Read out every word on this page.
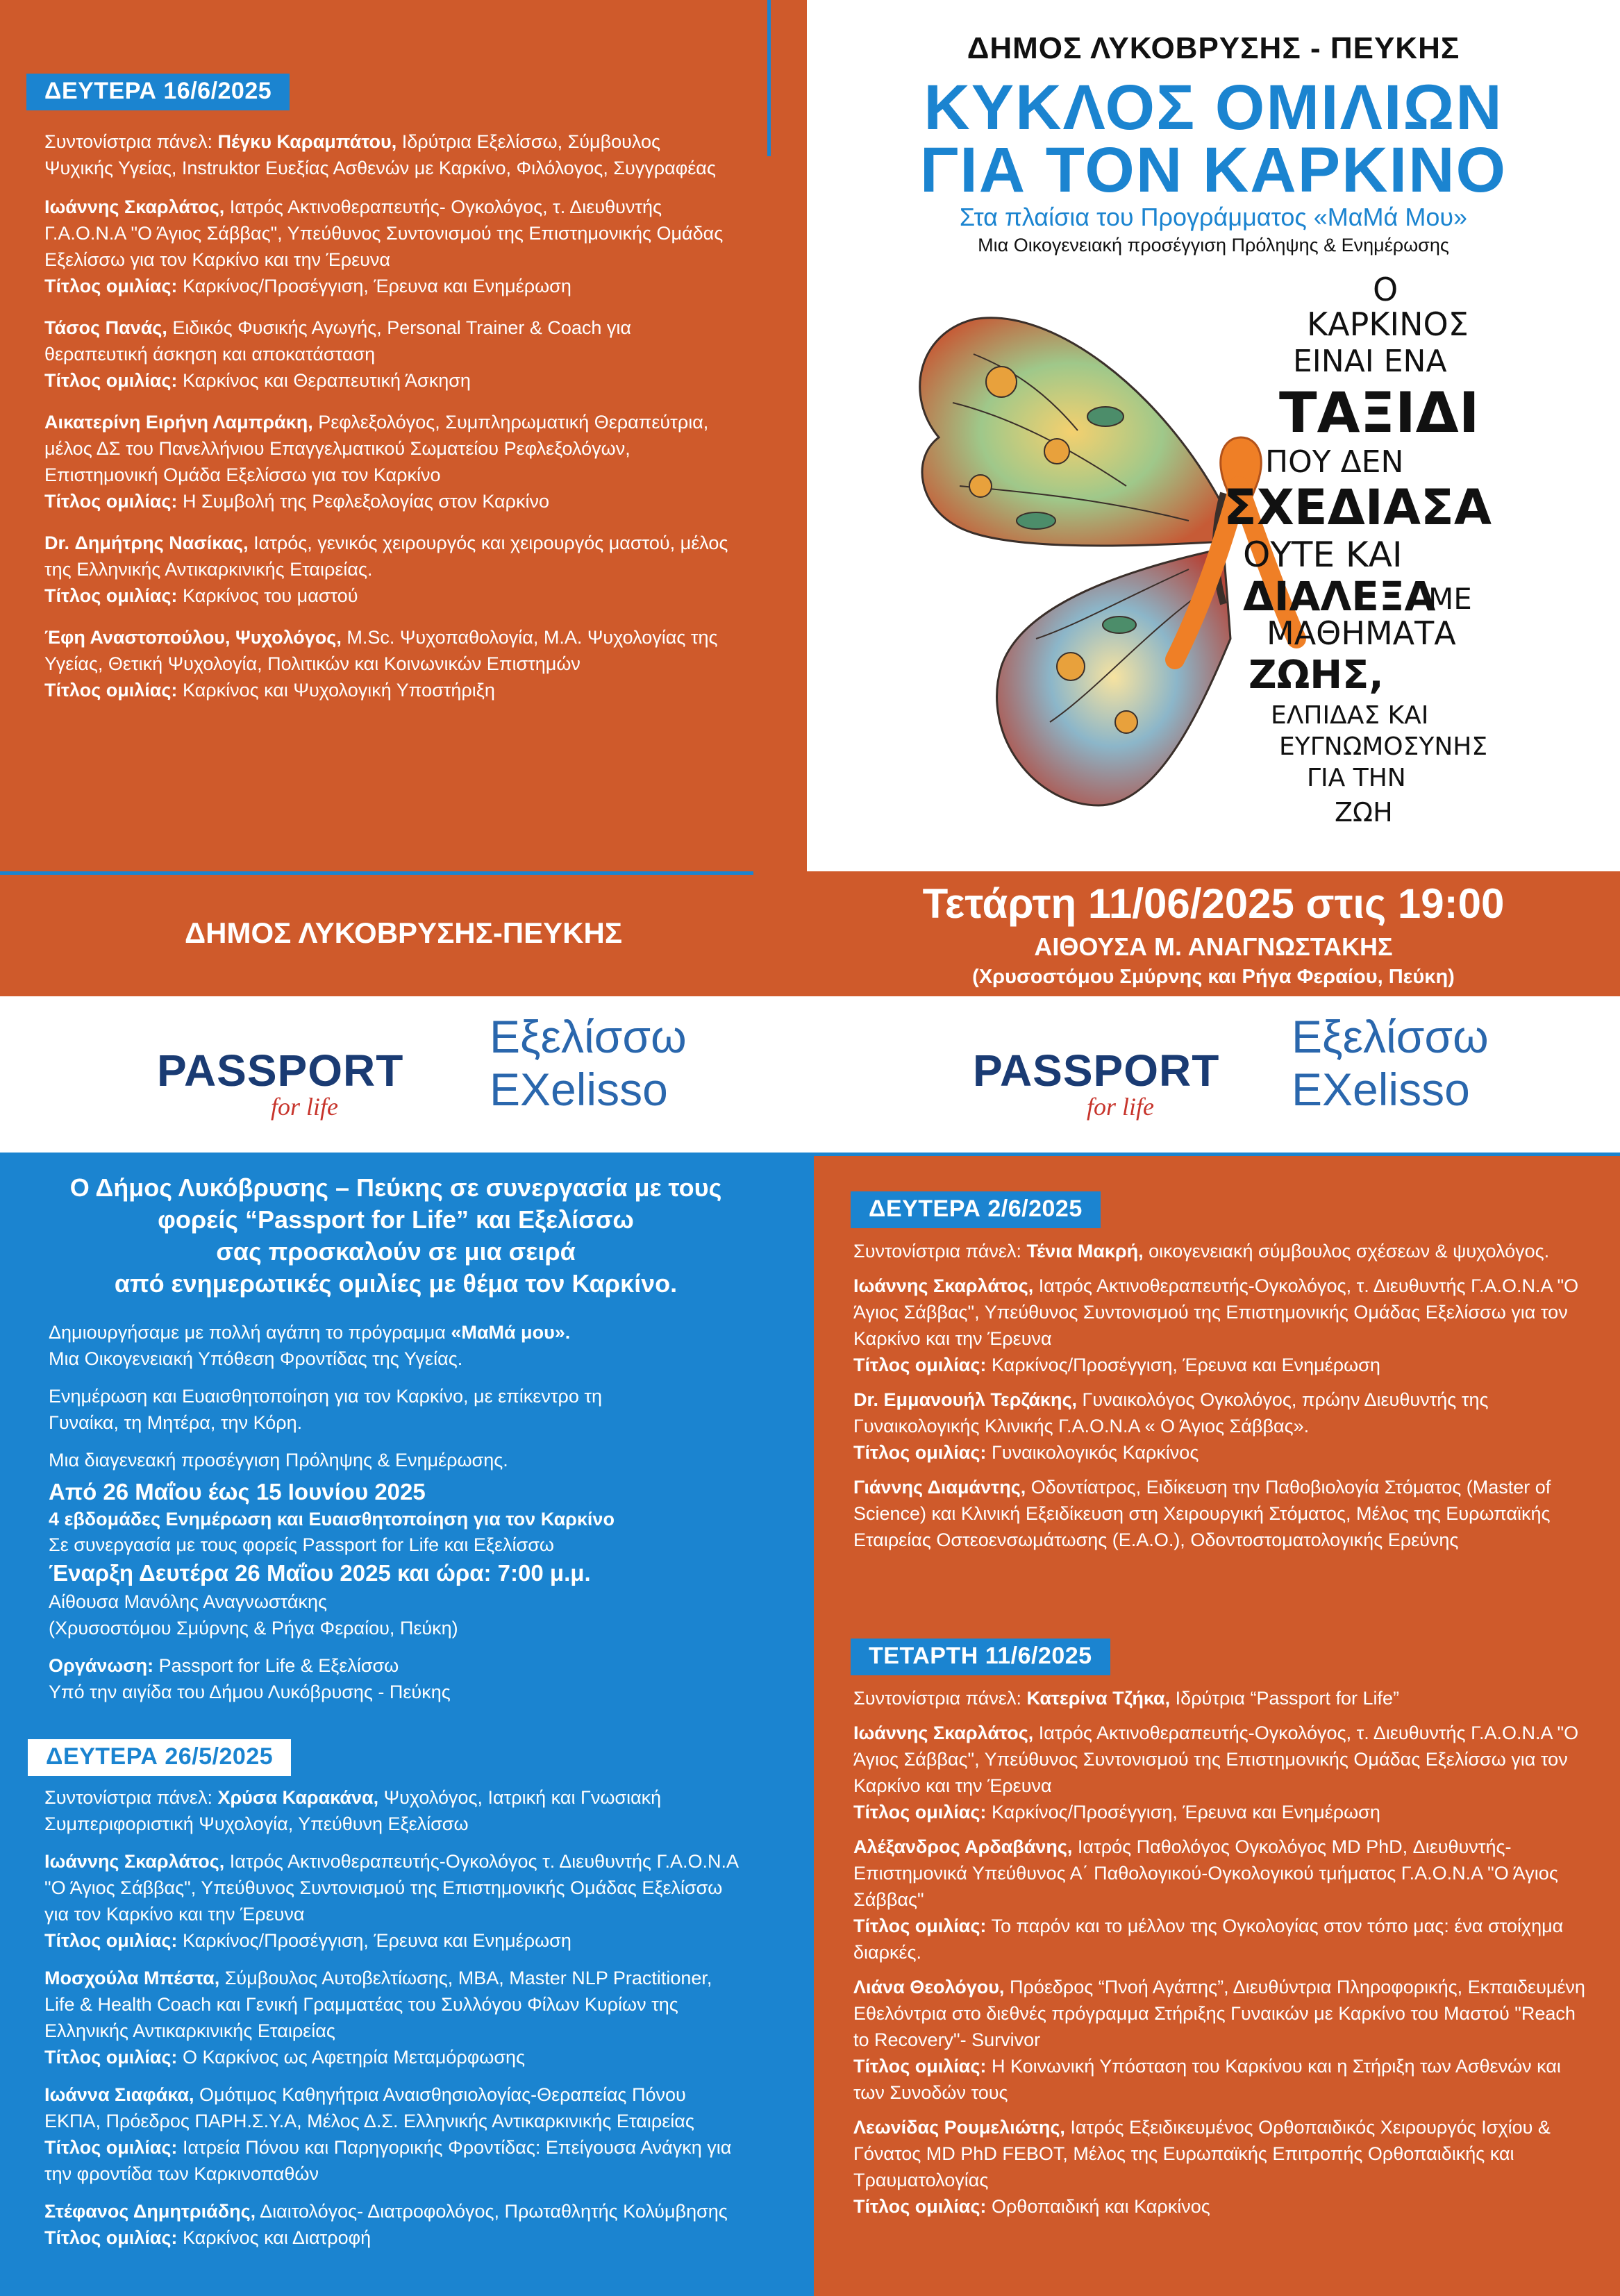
ΔΕΥΤΕΡΑ 16/6/2025

Συντονίστρια πάνελ: Πέγκυ Καραμπάτου, Ιδρύτρια Εξελίσσω, Σύμβουλος Ψυχικής Υγείας, Instruktor Ευεξίας Ασθενών με Καρκίνο, Φιλόλογος, Συγγραφέας

Ιωάννης Σκαρλάτος, Ιατρός Ακτινοθεραπευτής- Ογκολόγος, τ. Διευθυντής Γ.Α.Ο.Ν.Α "Ο Άγιος Σάββας", Υπεύθυνος Συντονισμού της Επιστημονικής Ομάδας Εξελίσσω για τον Καρκίνο και την Έρευνα

Τίτλος ομιλίας: Καρκίνος/Προσέγγιση, Έρευνα και Ενημέρωση

Τάσος Πανάς, Ειδικός Φυσικής Αγωγής, Personal Trainer & Coach για θεραπευτική άσκηση και αποκατάσταση

Τίτλος ομιλίας: Καρκίνος και Θεραπευτική Άσκηση

Αικατερίνη Ειρήνη Λαμπράκη, Ρεφλεξολόγος, Συμπληρωματική Θεραπεύτρια, μέλος ΔΣ του Πανελλήνιου Επαγγελματικού Σωματείου Ρεφλεξολόγων, Επιστημονική Ομάδα Εξελίσσω για τον Καρκίνο

Τίτλος ομιλίας: Η Συμβολή της Ρεφλεξολογίας στον Καρκίνο

Dr. Δημήτρης Νασίκας, Ιατρός, γενικός χειρουργός και χειρουργός μαστού, μέλος της Ελληνικής Αντικαρκινικής Εταιρείας.

Τίτλος ομιλίας: Καρκίνος του μαστού

Έφη Αναστοπούλου, Ψυχολόγος, M.Sc. Ψυχοπαθολογία, Μ.Α. Ψυχολογίας της Υγείας, Θετική Ψυχολογία, Πολιτικών και Κοινωνικών Επιστημών

Τίτλος ομιλίας: Καρκίνος και Ψυχολογική Υποστήριξη

ΔΗΜΟΣ ΛΥΚΟΒΡΥΣΗΣ - ΠΕΥΚΗΣ
ΚΥΚΛΟΣ ΟΜΙΛΙΩΝ
ΓΙΑ ΤΟΝ ΚΑΡΚΙΝΟ
Στα πλαίσια του Προγράμματος «ΜαΜά Μου»
Μια Οικογενειακή προσέγγιση Πρόληψης & Ενημέρωσης
Ο
ΚΑΡΚΙΝΟΣ
ΕΙΝΑΙ ΕΝΑ
ΤΑΞΙΔΙ
ΠΟΥ ΔΕΝ
ΣΧΕΔΙΑΣΑ
ΟΥΤΕ ΚΑΙ
ΔΙΑΛΕΞΑ
ΜΕ
ΜΑΘΗΜΑΤΑ
ΖΩΗΣ,
ΕΛΠΙΔΑΣ ΚΑΙ
ΕΥΓΝΩΜΟΣΥΝΗΣ
ΓΙΑ ΤΗΝ
ΖΩΗ
ΔΗΜΟΣ ΛΥΚΟΒΡΥΣΗΣ-ΠΕΥΚΗΣ
Τετάρτη 11/06/2025 στις 19:00
ΑΙΘΟΥΣΑ Μ. ΑΝΑΓΝΩΣΤΑΚΗΣ
(Χρυσοστόμου Σμύρνης και Ρήγα Φεραίου, Πεύκη)
PASSPORT
for life
Εξελίσσω
EXelisso	PASSPORT
for life
Εξελίσσω
EXelisso
Ο Δήμος Λυκόβρυσης – Πεύκης σε συνεργασία με τους
φορείς “Passport for Life” και Εξελίσσω
σας προσκαλούν σε μια σειρά
από ενημερωτικές ομιλίες με θέμα τον Καρκίνο.

Δημιουργήσαμε με πολλή αγάπη το πρόγραμμα «ΜαΜά μου».

Μια Οικογενειακή Υπόθεση Φροντίδας της Υγείας.

Ενημέρωση και Ευαισθητοποίηση για τον Καρκίνο, με επίκεντρο τη Γυναίκα, τη Μητέρα, την Κόρη.

Μια διαγενεακή προσέγγιση Πρόληψης & Ενημέρωσης.

Από 26 Μαΐου έως 15 Ιουνίου 2025

4 εβδομάδες Ενημέρωση και Ευαισθητοποίηση για τον Καρκίνο

Σε συνεργασία με τους φορείς Passport for Life και Εξελίσσω

Έναρξη Δευτέρα 26 Μαΐου 2025 και ώρα: 7:00 μ.μ.

Αίθουσα Μανόλης Αναγνωστάκης

(Χρυσοστόμου Σμύρνης & Ρήγα Φεραίου, Πεύκη)

Οργάνωση: Passport for Life & Εξελίσσω

Υπό την αιγίδα του Δήμου Λυκόβρυσης - Πεύκης

ΔΕΥΤΕΡΑ 26/5/2025

Συντονίστρια πάνελ: Χρύσα Καρακάνα, Ψυχολόγος, Ιατρική και Γνωσιακή Συμπεριφοριστική Ψυχολογία, Υπεύθυνη Εξελίσσω

Ιωάννης Σκαρλάτος, Ιατρός Ακτινοθεραπευτής-Ογκολόγος τ. Διευθυντής Γ.Α.Ο.Ν.Α "Ο Άγιος Σάββας", Υπεύθυνος Συντονισμού της Επιστημονικής Ομάδας Εξελίσσω για τον Καρκίνο και την Έρευνα

Τίτλος ομιλίας: Καρκίνος/Προσέγγιση, Έρευνα και Ενημέρωση

Μοσχούλα Μπέστα, Σύμβουλος Αυτοβελτίωσης, MBA, Master NLP Practitioner, Life & Health Coach και Γενική Γραμματέας του Συλλόγου Φίλων Κυρίων της Ελληνικής Αντικαρκινικής Εταιρείας

Τίτλος ομιλίας: Ο Καρκίνος ως Αφετηρία Μεταμόρφωσης

Ιωάννα Σιαφάκα, Ομότιμος Καθηγήτρια Αναισθησιολογίας-Θεραπείας Πόνου ΕΚΠΑ, Πρόεδρος ΠΑΡΗ.Σ.Υ.Α, Μέλος Δ.Σ. Ελληνικής Αντικαρκινικής Εταιρείας

Τίτλος ομιλίας: Ιατρεία Πόνου και Παρηγορικής Φροντίδας: Επείγουσα Ανάγκη για την φροντίδα των Καρκινοπαθών

Στέφανος Δημητριάδης, Διαιτολόγος- Διατροφολόγος, Πρωταθλητής Κολύμβησης

Τίτλος ομιλίας: Καρκίνος και Διατροφή

ΔΕΥΤΕΡΑ 2/6/2025

Συντονίστρια πάνελ: Τένια Μακρή, οικογενειακή σύμβουλος σχέσεων & ψυχολόγος.

Ιωάννης Σκαρλάτος, Ιατρός Ακτινοθεραπευτής-Ογκολόγος, τ. Διευθυντής Γ.Α.Ο.Ν.Α "Ο Άγιος Σάββας", Υπεύθυνος Συντονισμού της Επιστημονικής Ομάδας Εξελίσσω για τον Καρκίνο και την Έρευνα

Τίτλος ομιλίας: Καρκίνος/Προσέγγιση, Έρευνα και Ενημέρωση

Dr. Εμμανουήλ Τερζάκης, Γυναικολόγος Ογκολόγος, πρώην Διευθυντής της Γυναικολογικής Κλινικής Γ.Α.Ο.Ν.Α « Ο Άγιος Σάββας».

Τίτλος ομιλίας: Γυναικολογικός Καρκίνος

Γιάννης Διαμάντης, Οδοντίατρος, Ειδίκευση την Παθοβιολογία Στόματος (Master of Science) και Κλινική Εξειδίκευση στη Χειρουργική Στόματος, Μέλος της Ευρωπαϊκής Εταιρείας Οστεοενσωμάτωσης (Ε.Α.Ο.), Οδοντοστοματολογικής Ερεύνης

ΤΕΤΑΡΤΗ 11/6/2025

Συντονίστρια πάνελ: Κατερίνα Τζήκα, Ιδρύτρια “Passport for Life”

Ιωάννης Σκαρλάτος, Ιατρός Ακτινοθεραπευτής-Ογκολόγος, τ. Διευθυντής Γ.Α.Ο.Ν.Α "Ο Άγιος Σάββας", Υπεύθυνος Συντονισμού της Επιστημονικής Ομάδας Εξελίσσω για τον Καρκίνο και την Έρευνα

Τίτλος ομιλίας: Καρκίνος/Προσέγγιση, Έρευνα και Ενημέρωση

Αλέξανδρος Αρδαβάνης, Ιατρός Παθολόγος Ογκολόγος MD PhD, Διευθυντής-Επιστημονικά Υπεύθυνος Α΄ Παθολογικού-Ογκολογικού τμήματος Γ.Α.Ο.Ν.Α "Ο Άγιος Σάββας"

Τίτλος ομιλίας: Το παρόν και το μέλλον της Ογκολογίας στον τόπο μας: ένα στοίχημα διαρκές.

Λιάνα Θεολόγου, Πρόεδρος “Πνοή Αγάπης”, Διευθύντρια Πληροφορικής, Εκπαιδευμένη Εθελόντρια στο διεθνές πρόγραμμα Στήριξης Γυναικών με Καρκίνο του Μαστού "Reach to Recovery"- Survivor

Τίτλος ομιλίας: Η Κοινωνική Υπόσταση του Καρκίνου και η Στήριξη των Ασθενών και των Συνοδών τους

Λεωνίδας Ρουμελιώτης, Ιατρός Εξειδικευμένος Ορθοπαιδικός Χειρουργός Ισχίου & Γόνατος MD PhD FEBOT, Μέλος της Ευρωπαϊκής Επιτροπής Ορθοπαιδικής και Τραυματολογίας

Τίτλος ομιλίας: Ορθοπαιδική και Καρκίνος
